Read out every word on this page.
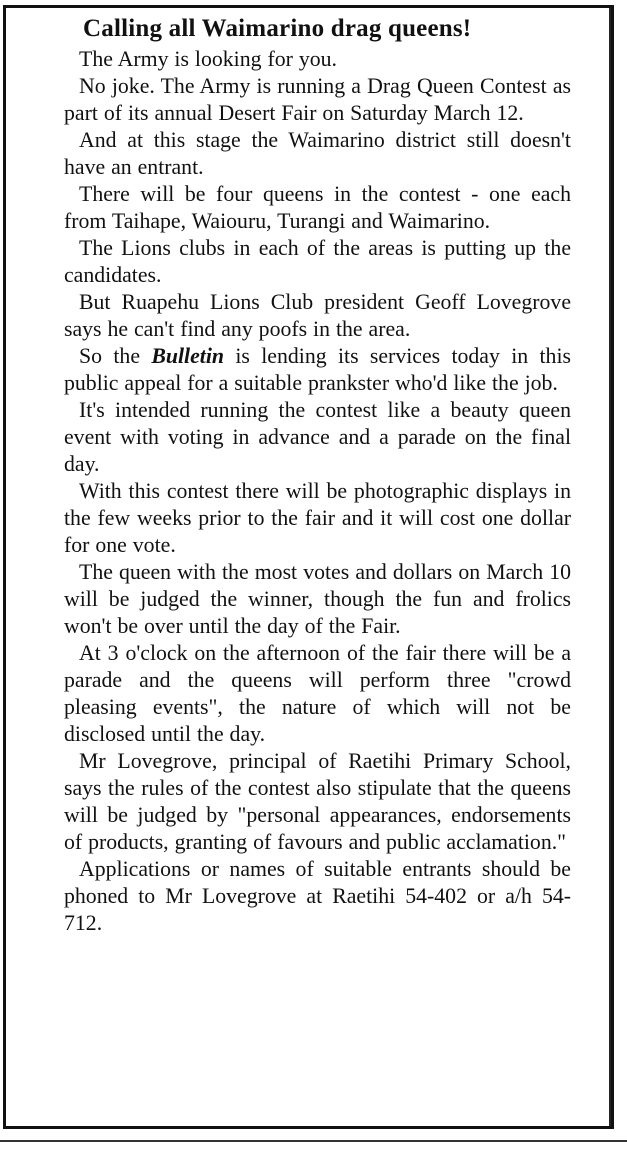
Calling all Waimarino drag queens!

The Army is looking for you.

No joke. The Army is running a Drag Queen Contest as part of its annual Desert Fair on Saturday March 12.

And at this stage the Waimarino district still doesn't have an entrant.

There will be four queens in the contest - one each from Taihape, Waiouru, Turangi and Waimarino.

The Lions clubs in each of the areas is putting up the candidates.

But Ruapehu Lions Club president Geoff Lovegrove says he can't find any poofs in the area.

So the Bulletin is lending its services today in this public appeal for a suitable prankster who'd like the job.

It's intended running the contest like a beauty queen event with voting in advance and a parade on the final day.

With this contest there will be photographic displays in the few weeks prior to the fair and it will cost one dollar for one vote.

The queen with the most votes and dollars on March 10 will be judged the winner, though the fun and frolics won't be over until the day of the Fair.

At 3 o'clock on the afternoon of the fair there will be a parade and the queens will perform three "crowd pleasing events", the nature of which will not be disclosed until the day.

Mr Lovegrove, principal of Raetihi Primary School, says the rules of the contest also stipulate that the queens will be judged by "personal appearances, endorsements of products, granting of favours and public acclamation."

Applications or names of suitable entrants should be phoned to Mr Lovegrove at Raetihi 54-402 or a/h 54-712.
